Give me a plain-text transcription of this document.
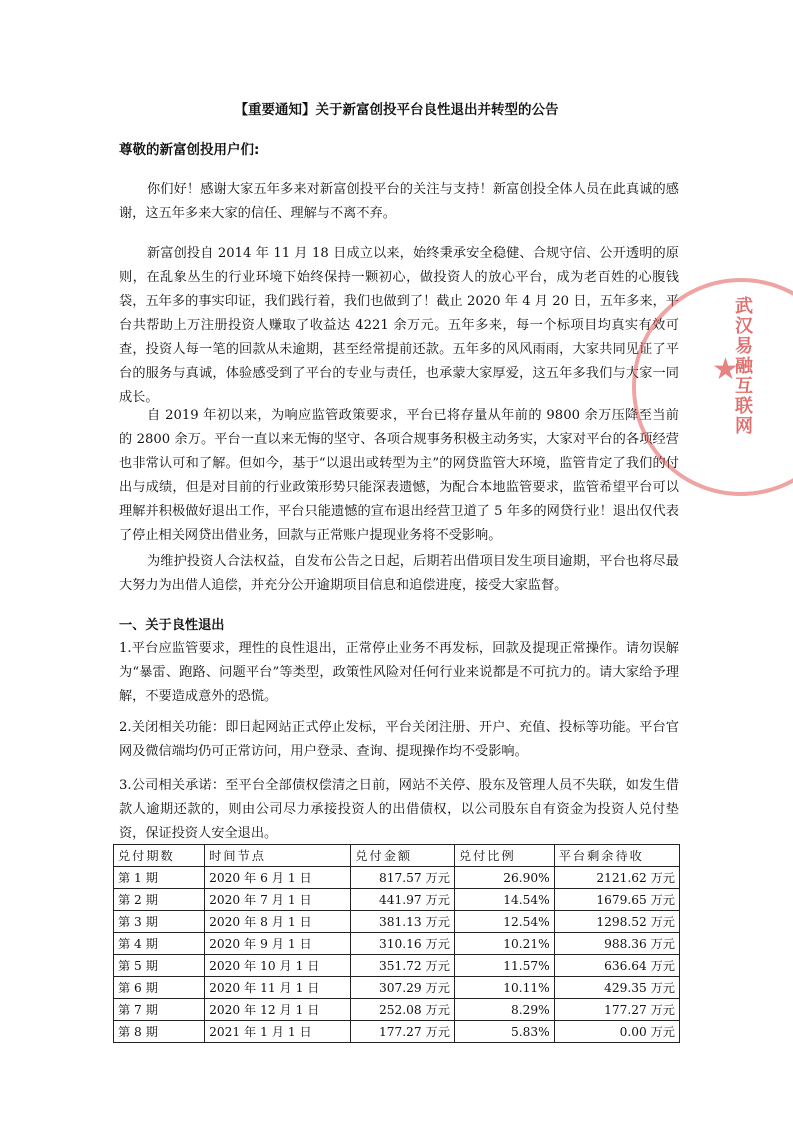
【重要通知】关于新富创投平台良性退出并转型的公告
尊敬的新富创投用户们:

你们好！感谢大家五年多来对新富创投平台的关注与支持！新富创投全体人员在此真诚的感谢，这五年多来大家的信任、理解与不离不弃。

新富创投自 2014 年 11 月 18 日成立以来，始终秉承安全稳健、合规守信、公开透明的原则，在乱象丛生的行业环境下始终保持一颗初心，做投资人的放心平台，成为老百姓的心腹钱袋，五年多的事实印证，我们践行着，我们也做到了！截止 2020 年 4 月 20 日，五年多来，平台共帮助上万注册投资人赚取了收益达 4221 余万元。五年多来，每一个标项目均真实有效可查，投资人每一笔的回款从未逾期，甚至经常提前还款。五年多的风风雨雨，大家共同见证了平台的服务与真诚，体验感受到了平台的专业与责任，也承蒙大家厚爱，这五年多我们与大家一同成长。

自 2019 年初以来，为响应监管政策要求，平台已将存量从年前的 9800 余万压降至当前的 2800 余万。平台一直以来无悔的坚守、各项合规事务积极主动务实，大家对平台的各项经营也非常认可和了解。但如今，基于“以退出或转型为主”的网贷监管大环境，监管肯定了我们的付出与成绩，但是对目前的行业政策形势只能深表遗憾，为配合本地监管要求，监管希望平台可以理解并积极做好退出工作，平台只能遗憾的宣布退出经营卫道了 5 年多的网贷行业！退出仅代表了停止相关网贷出借业务，回款与正常账户提现业务将不受影响。

为维护投资人合法权益，自发布公告之日起，后期若出借项目发生项目逾期，平台也将尽最大努力为出借人追偿，并充分公开逾期项目信息和追偿进度，接受大家监督。

一、关于良性退出

1.平台应监管要求，理性的良性退出，正常停止业务不再发标，回款及提现正常操作。请勿误解为“暴雷、跑路、问题平台”等类型，政策性风险对任何行业来说都是不可抗力的。请大家给予理解，不要造成意外的恐慌。

2.关闭相关功能：即日起网站正式停止发标，平台关闭注册、开户、充值、投标等功能。平台官网及微信端均仍可正常访问，用户登录、查询、提现操作均不受影响。

3.公司相关承诺：至平台全部债权偿清之日前，网站不关停、股东及管理人员不失联，如发生借款人逾期还款的，则由公司尽力承接投资人的出借债权，以公司股东自有资金为投资人兑付垫资，保证投资人安全退出。

兑付期数	时间节点	兑付金额	兑付比例	平台剩余待收
第 1 期	2020 年 6 月 1 日	817.57 万元	26.90%	2121.62 万元
第 2 期	2020 年 7 月 1 日	441.97 万元	14.54%	1679.65 万元
第 3 期	2020 年 8 月 1 日	381.13 万元	12.54%	1298.52 万元
第 4 期	2020 年 9 月 1 日	310.16 万元	10.21%	988.36 万元
第 5 期	2020 年 10 月 1 日	351.72 万元	11.57%	636.64 万元
第 6 期	2020 年 11 月 1 日	307.29 万元	10.11%	429.35 万元
第 7 期	2020 年 12 月 1 日	252.08 万元	8.29%	177.27 万元
第 8 期	2021 年 1 月 1 日	177.27 万元	5.83%	0.00 万元
武汉易融互联网
★
